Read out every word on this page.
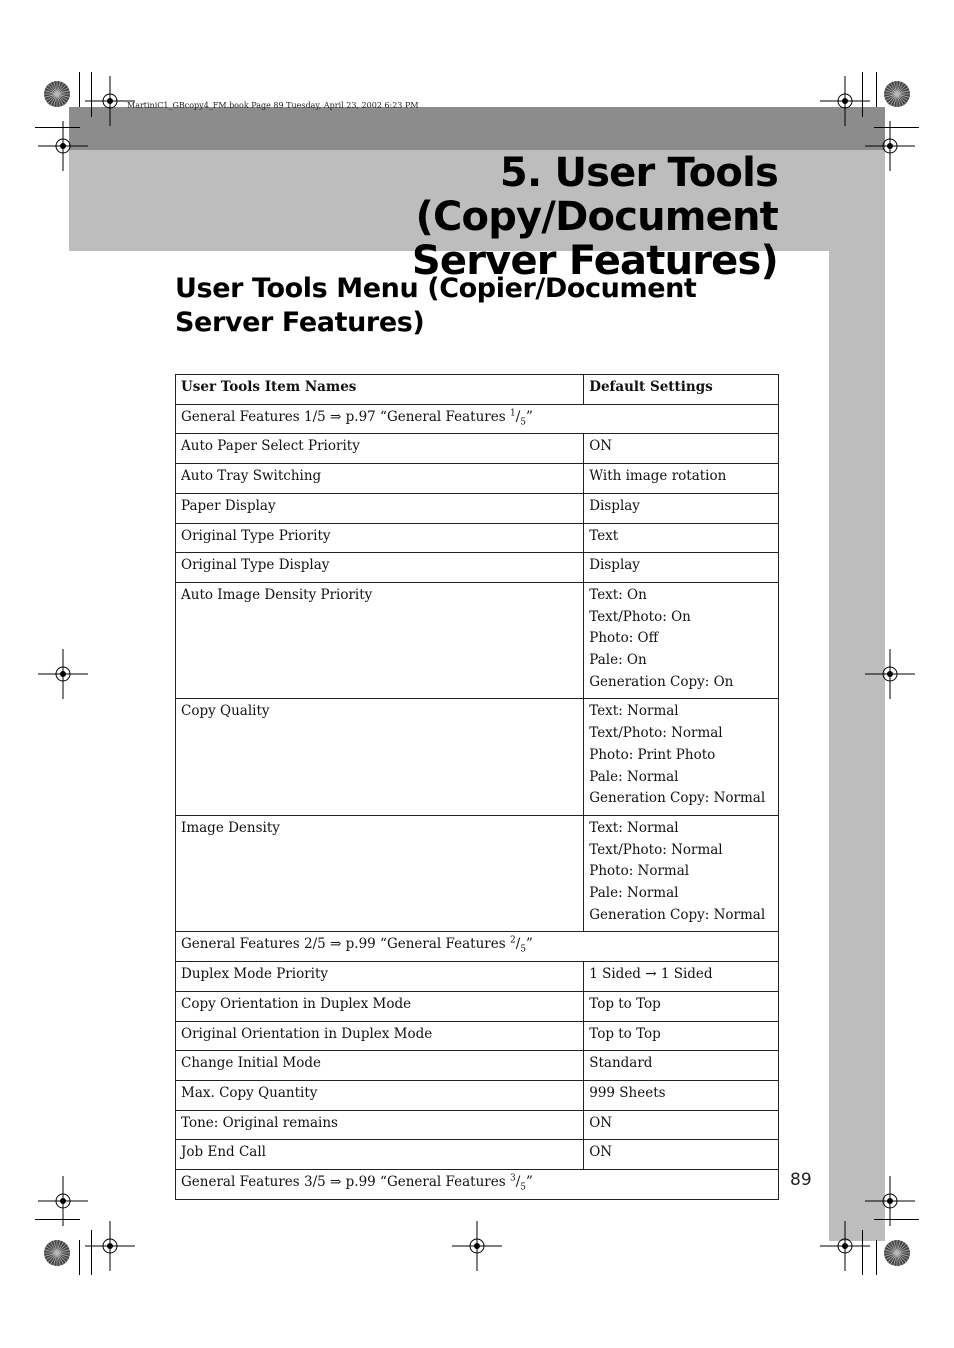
MartiniC1_GBcopy4_FM.book Page 89 Tuesday, April 23, 2002 6:23 PM
5. User Tools (Copy/Document
Server Features)
User Tools Menu (Copier/Document
Server Features)
User Tools Item Names	Default Settings
General Features 1/5 ⇒ p.97 “General Features $^1/_5$”	
Auto Paper Select Priority	ON

Auto Tray Switching	With image rotation

Paper Display	Display

Original Type Priority	Text

Original Type Display	Display

Auto Image Density Priority	Text: On
Text/Photo: On
Photo: Off
Pale: On
Generation Copy: On

Copy Quality	Text: Normal
Text/Photo: Normal
Photo: Print Photo
Pale: Normal
Generation Copy: Normal

Image Density	Text: Normal
Text/Photo: Normal
Photo: Normal
Pale: Normal
Generation Copy: Normal

General Features 2/5 ⇒ p.99 “General Features $^2/_5$”	
Duplex Mode Priority	1 Sided → 1 Sided

Copy Orientation in Duplex Mode	Top to Top

Original Orientation in Duplex Mode	Top to Top

Change Initial Mode	Standard

Max. Copy Quantity	999 Sheets

Tone: Original remains	ON

Job End Call	ON

General Features 3/5 ⇒ p.99 “General Features $^3/_5$”		89
